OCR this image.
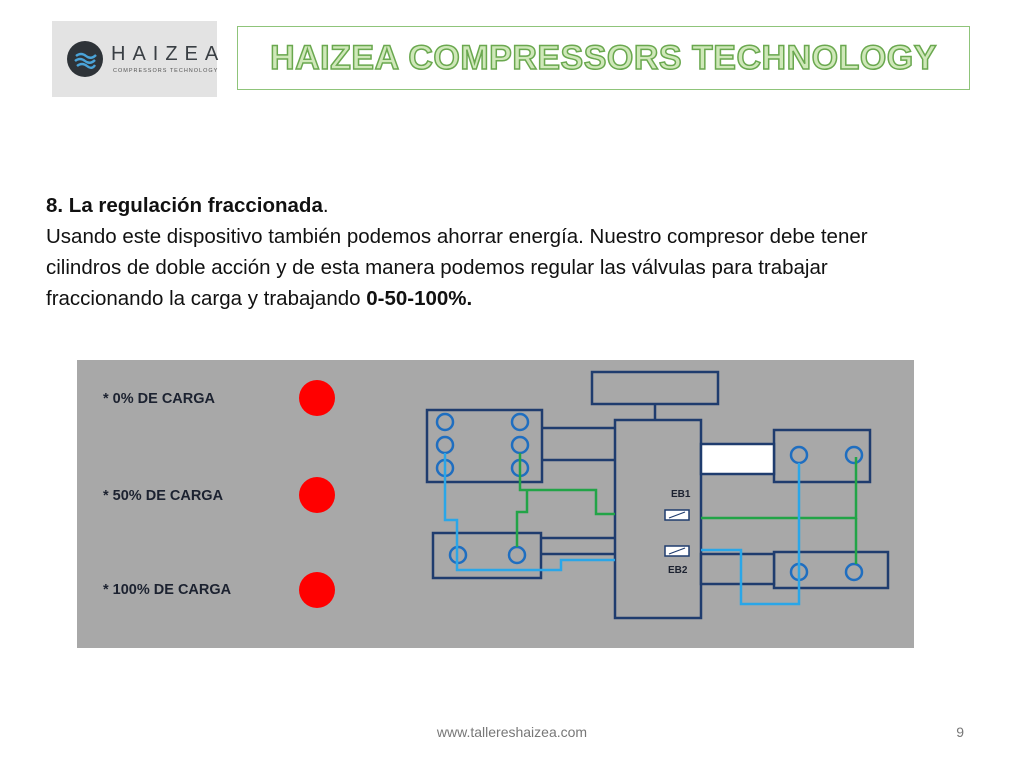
HAIZEA
COMPRESSORS TECHNOLOGY	HAIZEA COMPRESSORS TECHNOLOGY
8. La regulación fraccionada.
Usando este dispositivo también podemos ahorrar energía. Nuestro compresor debe tener cilindros de doble acción y de esta manera podemos regular las válvulas para trabajar fraccionando la carga y trabajando 0-50-100%.
* 0% DE CARGA
* 50% DE CARGA
* 100% DE CARGA
EB1
EB2
www.tallereshaizea.com	9
